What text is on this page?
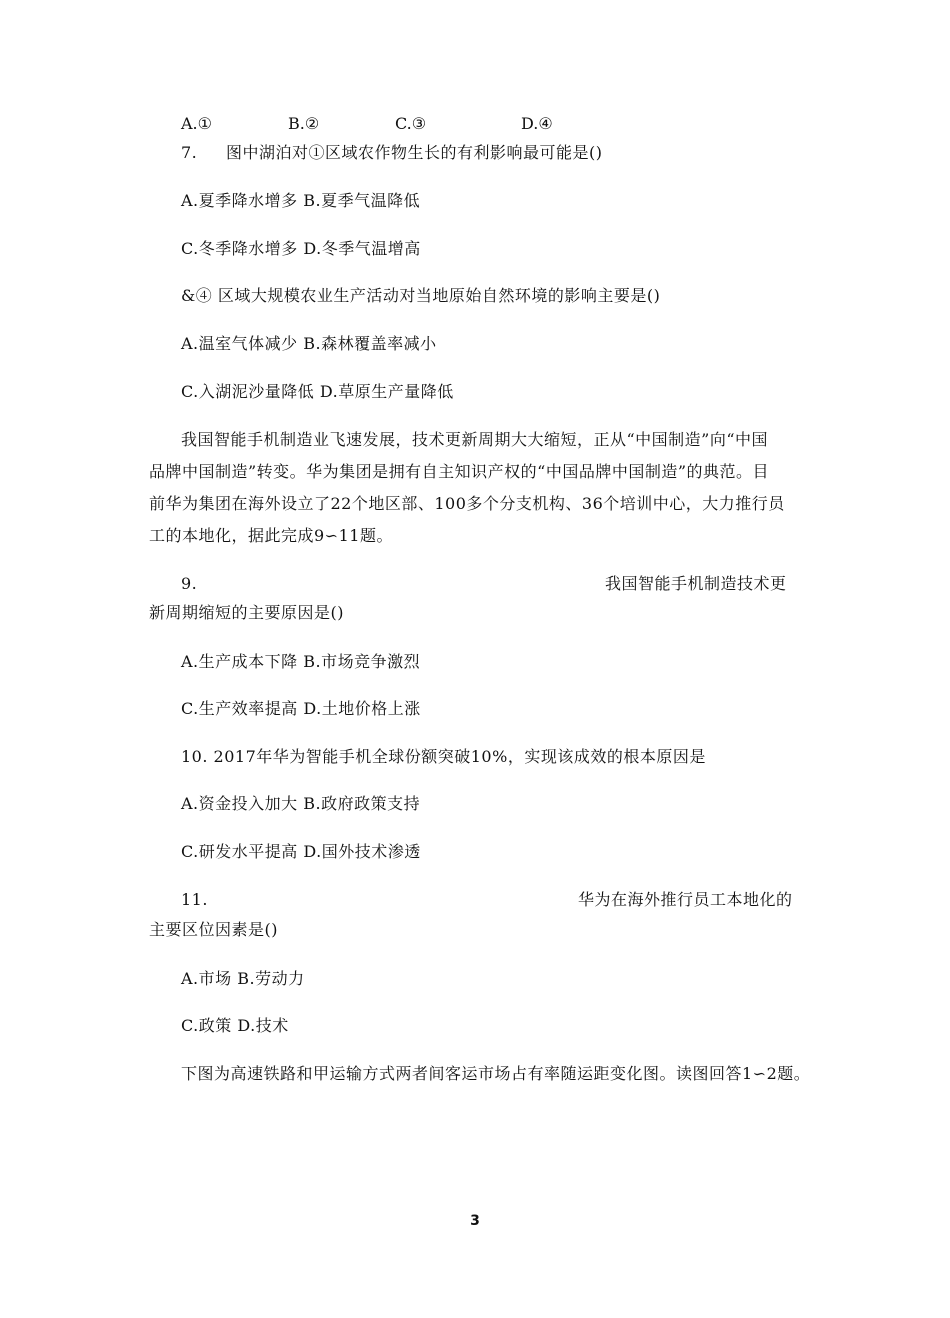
A.①	B.②	C.③	D.④
7. 图中湖泊对①区域农作物生长的有利影响最可能是()
A.夏季降水增多 B.夏季气温降低
C.冬季降水增多 D.冬季气温增高
&④ 区域大规模农业生产活动对当地原始自然环境的影响主要是()
A.温室气体减少 B.森林覆盖率减小
C.入湖泥沙量降低 D.草原生产量降低
我国智能手机制造业飞速发展，技术更新周期大大缩短，正从“中国制造”向“中国
品牌中国制造”转变。华为集团是拥有自主知识产权的“中国品牌中国制造”的典范。目
前华为集团在海外设立了22个地区部、100多个分支机构、36个培训中心，大力推行员
工的本地化，据此完成9∽11题。
9.	我国智能手机制造技术更
新周期缩短的主要原因是()
A.生产成本下降 B.市场竞争激烈
C.生产效率提高 D.土地价格上涨
10. 2017年华为智能手机全球份额突破10%，实现该成效的根本原因是
A.资金投入加大 B.政府政策支持
C.研发水平提高 D.国外技术渗透
11.	华为在海外推行员工本地化的
主要区位因素是()
A.市场 B.劳动力
C.政策 D.技术
下图为高速铁路和甲运输方式两者间客运市场占有率随运距变化图。读图回答1∽2题。
3
